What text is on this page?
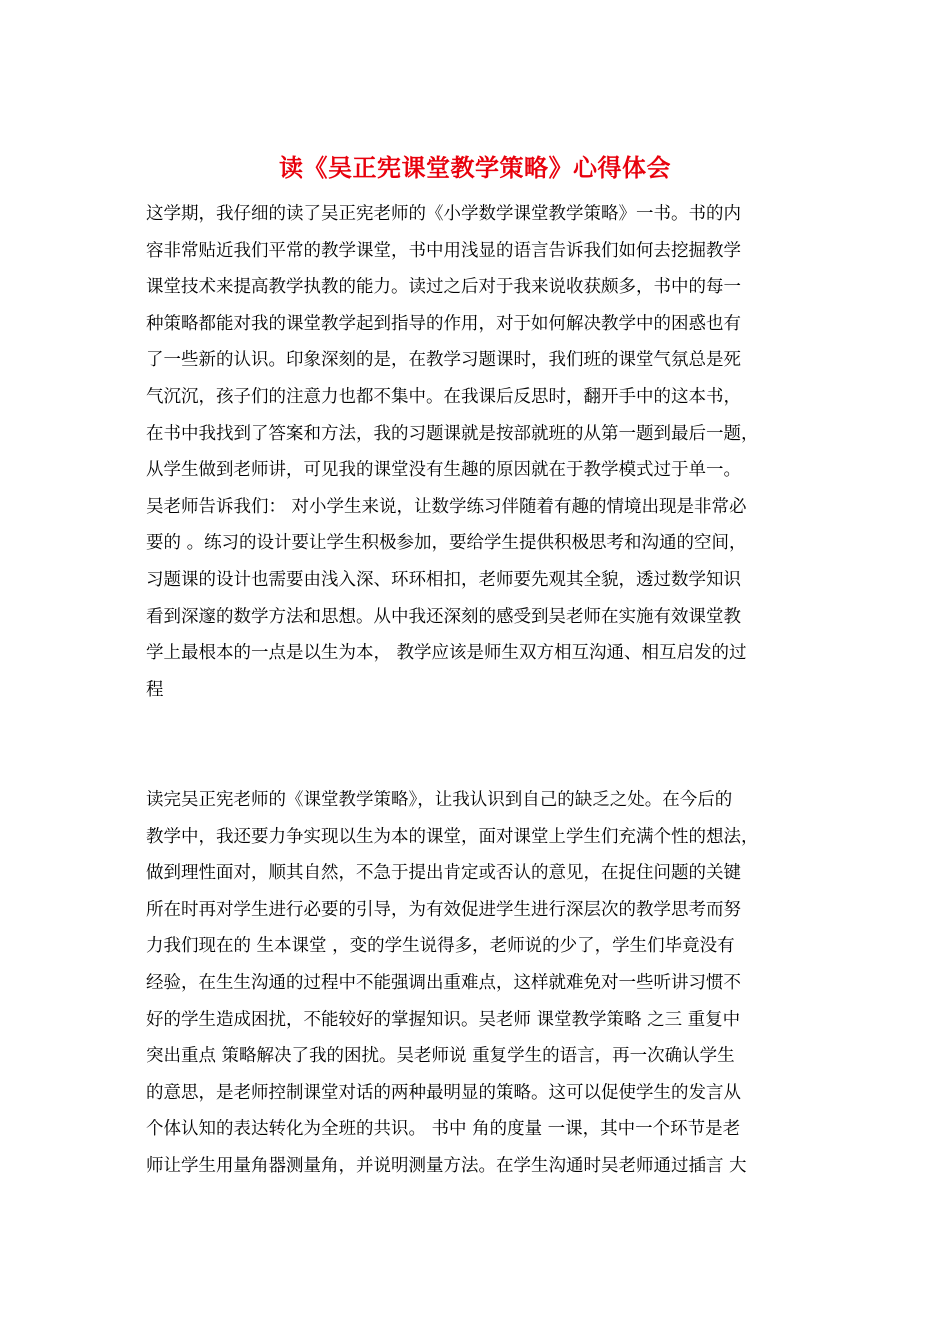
读《吴正宪课堂教学策略》心得体会
这学期，我仔细的读了吴正宪老师的《小学数学课堂教学策略》一书。书的内
容非常贴近我们平常的教学课堂，书中用浅显的语言告诉我们如何去挖掘教学
课堂技术来提高教学执教的能力。读过之后对于我来说收获颇多，书中的每一
种策略都能对我的课堂教学起到指导的作用，对于如何解决教学中的困惑也有
了一些新的认识。印象深刻的是，在教学习题课时，我们班的课堂气氛总是死
气沉沉，孩子们的注意力也都不集中。在我课后反思时，翻开手中的这本书，
在书中我找到了答案和方法，我的习题课就是按部就班的从第一题到最后一题，
从学生做到老师讲，可见我的课堂没有生趣的原因就在于教学模式过于单一。
吴老师告诉我们： 对小学生来说，让数学练习伴随着有趣的情境出现是非常必
要的 。练习的设计要让学生积极参加，要给学生提供积极思考和沟通的空间，
习题课的设计也需要由浅入深、环环相扣，老师要先观其全貌，透过数学知识
看到深邃的数学方法和思想。从中我还深刻的感受到吴老师在实施有效课堂教
学上最根本的一点是以生为本， 教学应该是师生双方相互沟通、相互启发的过
程
读完吴正宪老师的《课堂教学策略》，让我认识到自己的缺乏之处。在今后的
教学中，我还要力争实现以生为本的课堂，面对课堂上学生们充满个性的想法，
做到理性面对，顺其自然，不急于提出肯定或否认的意见，在捉住问题的关键
所在时再对学生进行必要的引导，为有效促进学生进行深层次的教学思考而努
力我们现在的 生本课堂 ，变的学生说得多，老师说的少了，学生们毕竟没有
经验，在生生沟通的过程中不能强调出重难点，这样就难免对一些听讲习惯不
好的学生造成困扰，不能较好的掌握知识。吴老师 课堂教学策略 之三 重复中
突出重点 策略解决了我的困扰。吴老师说 重复学生的语言，再一次确认学生
的意思，是老师控制课堂对话的两种最明显的策略。这可以促使学生的发言从
个体认知的表达转化为全班的共识。 书中 角的度量 一课，其中一个环节是老
师让学生用量角器测量角，并说明测量方法。在学生沟通时吴老师通过插言 大
